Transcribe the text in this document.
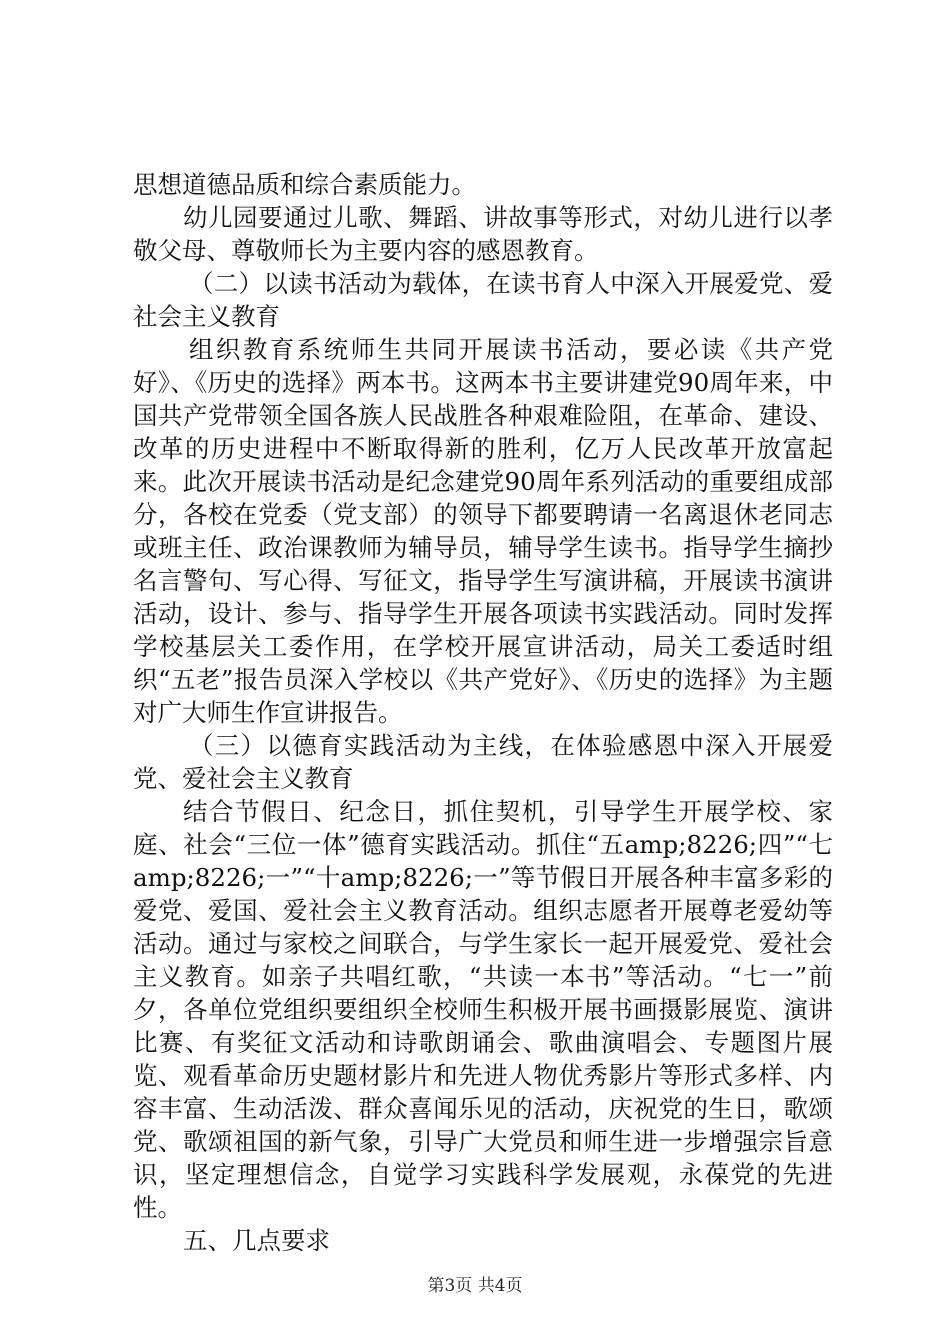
思想道德品质和综合素质能力。

幼儿园要通过儿歌、舞蹈、讲故事等形式，对幼儿进行以孝敬父母、尊敬师长为主要内容的感恩教育。

（二）以读书活动为载体，在读书育人中深入开展爱党、爱社会主义教育

组织教育系统师生共同开展读书活动，要必读《共产党好》、《历史的选择》两本书。这两本书主要讲建党90周年来，中国共产党带领全国各族人民战胜各种艰难险阻，在革命、建设、改革的历史进程中不断取得新的胜利，亿万人民改革开放富起来。此次开展读书活动是纪念建党90周年系列活动的重要组成部分，各校在党委（党支部）的领导下都要聘请一名离退休老同志或班主任、政治课教师为辅导员，辅导学生读书。指导学生摘抄名言警句、写心得、写征文，指导学生写演讲稿，开展读书演讲活动，设计、参与、指导学生开展各项读书实践活动。同时发挥学校基层关工委作用，在学校开展宣讲活动，局关工委适时组织“五老”报告员深入学校以《共产党好》、《历史的选择》为主题对广大师生作宣讲报告。

（三）以德育实践活动为主线，在体验感恩中深入开展爱党、爱社会主义教育

结合节假日、纪念日，抓住契机，引导学生开展学校、家庭、社会“三位一体”德育实践活动。抓住“五amp;8226;四”“七amp;8226;一”“十amp;8226;一”等节假日开展各种丰富多彩的爱党、爱国、爱社会主义教育活动。组织志愿者开展尊老爱幼等活动。通过与家校之间联合，与学生家长一起开展爱党、爱社会主义教育。如亲子共唱红歌，“共读一本书”等活动。“七一”前夕，各单位党组织要组织全校师生积极开展书画摄影展览、演讲比赛、有奖征文活动和诗歌朗诵会、歌曲演唱会、专题图片展览、观看革命历史题材影片和先进人物优秀影片等形式多样、内容丰富、生动活泼、群众喜闻乐见的活动，庆祝党的生日，歌颂党、歌颂祖国的新气象，引导广大党员和师生进一步增强宗旨意识，坚定理想信念，自觉学习实践科学发展观，永葆党的先进性。

五、几点要求

第3页 共4页
